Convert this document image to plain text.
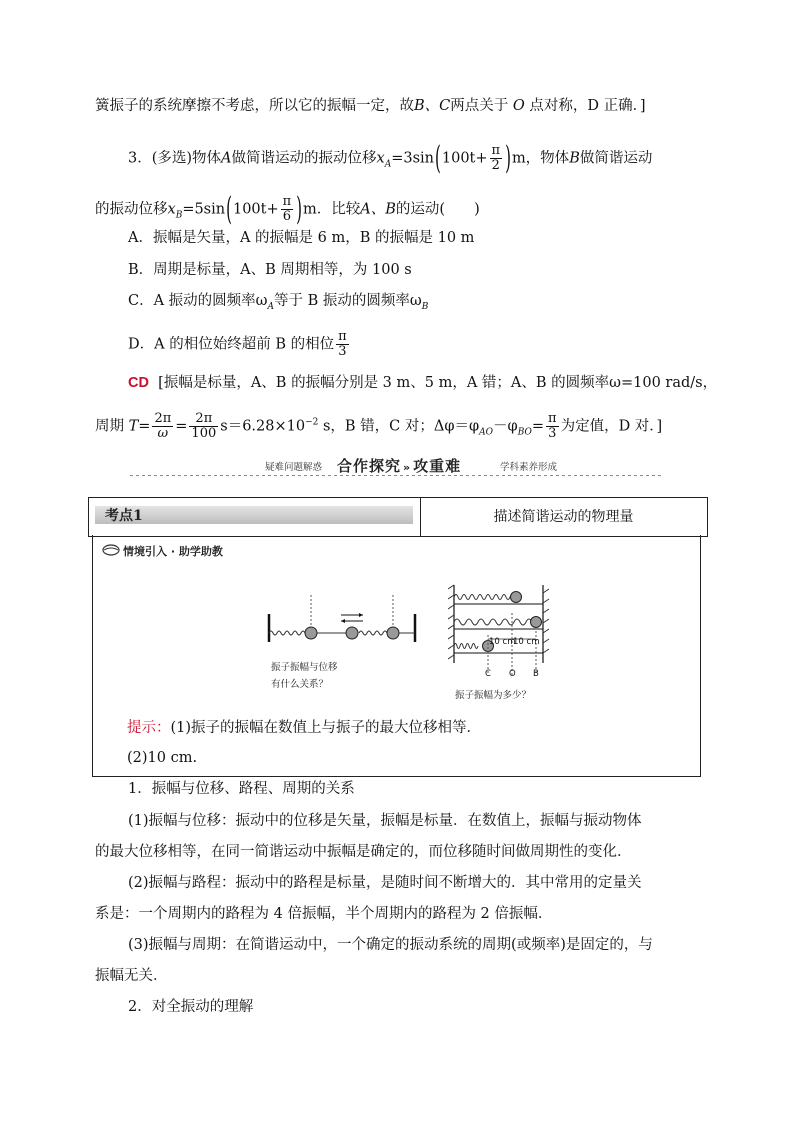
簧振子的系统摩擦不考虑，所以它的振幅一定，故B、C两点关于 O 点对称，D 正确．]
3．(多选)物体A做简谐运动的振动位移$x_A=3\sin(100t+ \frac{\pi}{2} )m$，物体B做简谐运动
的振动位移$x_B=5\sin(100t+ \frac{\pi}{6} )m$．比较A、B的运动(　　)
A．振幅是矢量，A 的振幅是 6 m，B 的振幅是 10 m
B．周期是标量，A、B 周期相等，为 100 s
C．A 振动的圆频率$\omega_A$等于 B 振动的圆频率$\omega_B$
D．A 的相位始终超前 B 的相位 $\frac{\pi}{3}$
CD [振幅是标量，A、B 的振幅分别是 3 m、5 m，A 错；A、B 的圆频率ω=100 rad/s，
周期 $T= \frac{2\pi}{\omega} = \frac{2\pi}{100} s=6.28\times 10^{-2}$ s，B 错，C 对；$\Delta\varphi=\varphi_{AO}-\varphi_{BO}= \frac{\pi}{3}$ 为定值，D 对．]
疑难问题解惑 合作探究 » 攻重难	学科素养形成
考点1	描述简谐运动的物理量
情境引入 · 助学助教
振子振幅与位移
有什么关系？
10 cm
10 cm
C O B
振子振幅为多少？
提示：(1)振子的振幅在数值上与振子的最大位移相等．
(2)10 cm.
1．振幅与位移、路程、周期的关系
(1)振幅与位移：振动中的位移是矢量，振幅是标量．在数值上，振幅与振动物体
的最大位移相等，在同一简谐运动中振幅是确定的，而位移随时间做周期性的变化．
(2)振幅与路程：振动中的路程是标量，是随时间不断增大的．其中常用的定量关
系是：一个周期内的路程为 4 倍振幅，半个周期内的路程为 2 倍振幅．
(3)振幅与周期：在简谐运动中，一个确定的振动系统的周期(或频率)是固定的，与
振幅无关．
2．对全振动的理解
